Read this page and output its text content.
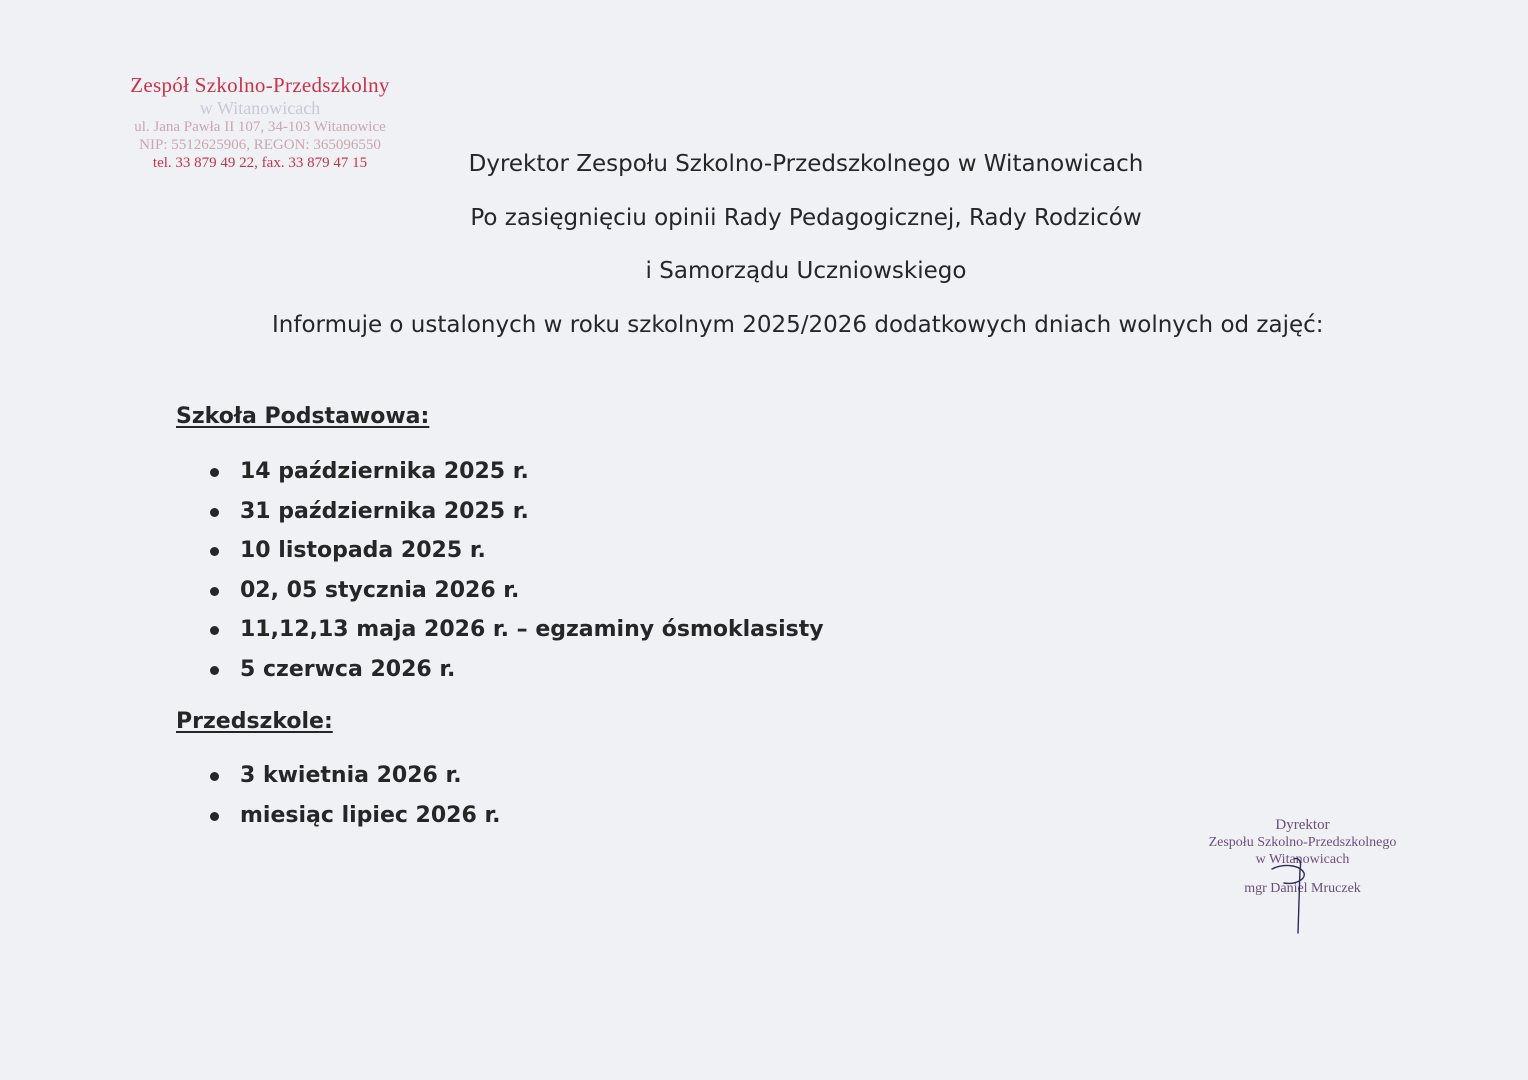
Zespół Szkolno-Przedszkolny
w Witanowicach
ul. Jana Pawła II 107, 34-103 Witanowice
NIP: 5512625906, REGON: 365096550
tel. 33 879 49 22, fax. 33 879 47 15	Dyrektor Zespołu Szkolno-Przedszkolnego w Witanowicach
Po zasięgnięciu opinii Rady Pedagogicznej, Rady Rodziców
i Samorządu Uczniowskiego
Informuje o ustalonych w roku szkolnym 2025/2026 dodatkowych dniach wolnych od zajęć:
Szkoła Podstawowa:
14 października 2025 r.
31 października 2025 r.
10 listopada 2025 r.
02, 05 stycznia 2026 r.
11,12,13 maja 2026 r. – egzaminy ósmoklasisty
5 czerwca 2026 r.
Przedszkole:
3 kwietnia 2026 r.
miesiąc lipiec 2026 r.	Dyrektor
Zespołu Szkolno-Przedszkolnego
w Witanowicach
mgr Daniel Mruczek
